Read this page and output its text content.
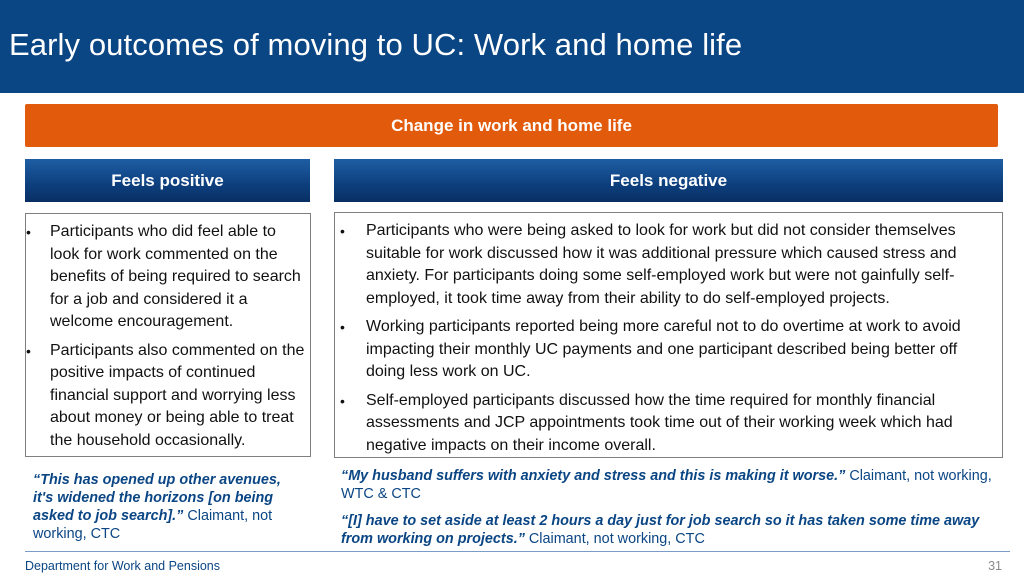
Early outcomes of moving to UC: Work and home life
Change in work and home life
Feels positive	Feels negative
• Participants who did feel able to look for work commented on the benefits of being required to search for a job and considered it a welcome encouragement.
• Participants also commented on the positive impacts of continued financial support and worrying less about money or being able to treat the household occasionally.
• Participants who were being asked to look for work but did not consider themselves suitable for work discussed how it was additional pressure which caused stress and anxiety. For participants doing some self-employed work but were not gainfully self-employed, it took time away from their ability to do self-employed projects.
• Working participants reported being more careful not to do overtime at work to avoid impacting their monthly UC payments and one participant described being better off doing less work on UC.
• Self-employed participants discussed how the time required for monthly financial assessments and JCP appointments took time out of their working week which had negative impacts on their income overall.
“This has opened up other avenues, it's widened the horizons [on being asked to job search].” Claimant, not working, CTC
“My husband suffers with anxiety and stress and this is making it worse.” Claimant, not working, WTC & CTC
“[I] have to set aside at least 2 hours a day just for job search so it has taken some time away from working on projects.” Claimant, not working, CTC
Department for Work and Pensions	31
